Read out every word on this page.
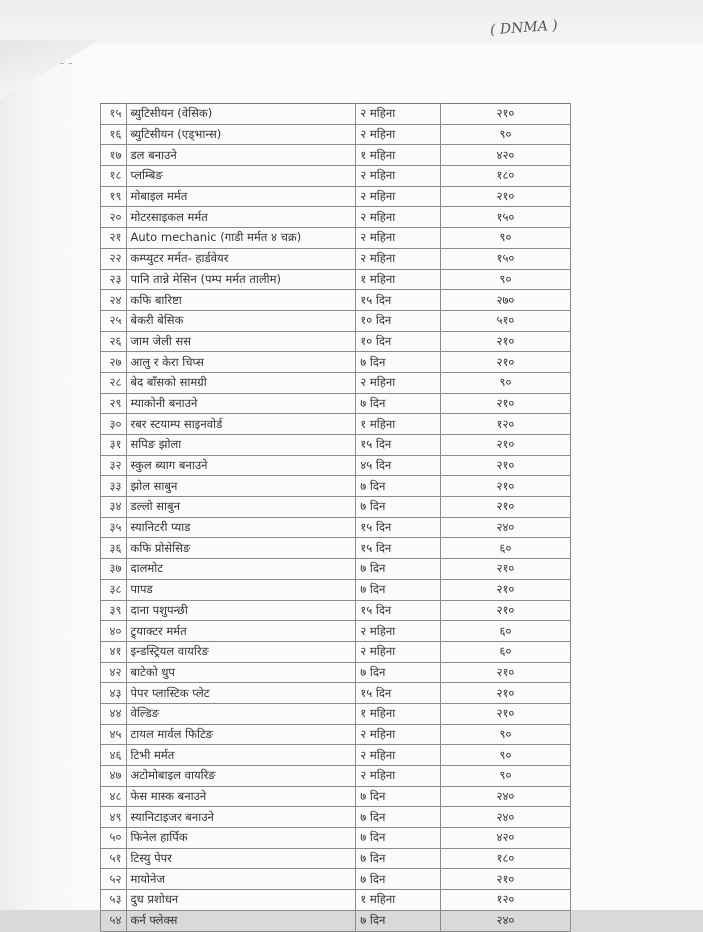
( DNMA )
- -
१५	ब्युटिसीयन (वेसिक)	२ महिना	२१०
१६	ब्युटिसीयन (एड्भान्स)	२ महिना	९०
१७	डल बनाउने	१ महिना	४२०
१८	प्लम्बिङ	२ महिना	१८०
१९	मोबाइल मर्मत	२ महिना	२१०
२०	मोटरसाइकल मर्मत	२ महिना	१५०
२१	Auto mechanic (गाडी मर्मत ४ चक्र)	२ महिना	९०
२२	कम्प्युटर मर्मत- हार्डवेयर	२ महिना	१५०
२३	पानि तान्ने मेसिन (पम्प मर्मत तालीम)	१ महिना	९०
२४	कफि बारिष्टा	१५ दिन	२७०
२५	बेकरी बेसिक	१० दिन	५१०
२६	जाम जेली सस	१० दिन	२१०
२७	आलु र केरा चिप्स	७ दिन	२१०
२८	बेद बाँसको सामग्री	२ महिना	९०
२९	म्याकोनी बनाउने	७ दिन	२१०
३०	रबर स्टयाम्प साइनवोर्ड	१ महिना	१२०
३१	सपिङ झोला	१५ दिन	२१०
३२	स्कुल ब्याग बनाउने	४५ दिन	२१०
३३	झोल साबुन	७ दिन	२१०
३४	डल्लो साबुन	७ दिन	२१०
३५	स्यानिटरी प्याड	१५ दिन	२४०
३६	कफि प्रोसेसिङ	१५ दिन	६०
३७	दालमोट	७ दिन	२१०
३८	पापड	७ दिन	२१०
३९	दाना पशुपन्छी	१५ दिन	२१०
४०	ट्र्याक्टर मर्मत	२ महिना	६०
४१	इन्डस्ट्रियल वायरिङ	२ महिना	६०
४२	बाटेको धुप	७ दिन	२१०
४३	पेपर प्लास्टिक प्लेट	१५ दिन	२१०
४४	वेल्डिङ	१ महिना	२१०
४५	टायल मार्वल फिटिङ	२ महिना	९०
४६	टिभी मर्मत	२ महिना	९०
४७	अटोमोबाइल वायरिङ	२ महिना	९०
४८	फेस मास्क बनाउने	७ दिन	२४०
४९	स्यानिटाइजर बनाउने	७ दिन	२४०
५०	फिनेल हार्पिक	७ दिन	४२०
५१	टिस्यु पेपर	७ दिन	१८०
५२	मायोनेज	७ दिन	२१०
५३	दुध प्रशोधन	१ महिना	१२०
५४	कर्न फ्लेक्स	७ दिन	२४०
